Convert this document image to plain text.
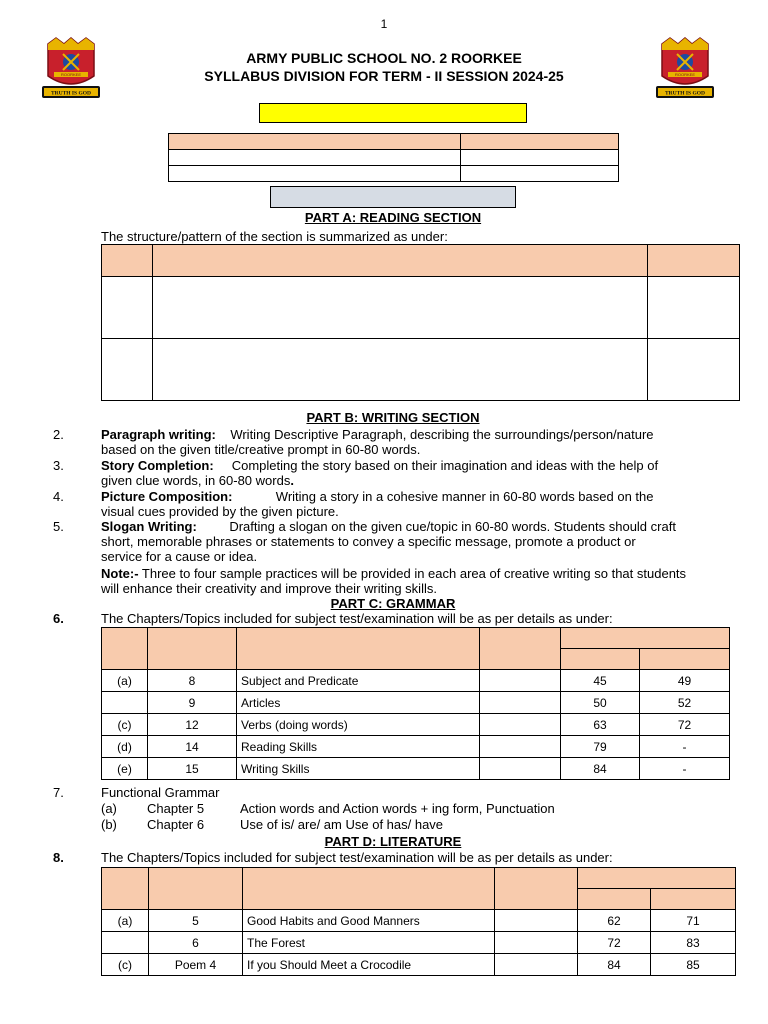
1
ROORKEE
TRUTH IS GOD
ROORKEE
TRUTH IS GOD
ARMY PUBLIC SCHOOL NO. 2 ROORKEE
SYLLABUS DIVISION FOR TERM - II SESSION 2024-25

PART A: READING SECTION
The structure/pattern of the section is summarized as under:

PART B: WRITING SECTION
2.	Paragraph writing: Writing Descriptive Paragraph, describing the surroundings/person/nature
based on the given title/creative prompt in 60-80 words.
3.	Story Completion: Completing the story based on their imagination and ideas with the help of
given clue words, in 60-80 words.
4.	Picture Composition:	Writing a story in a cohesive manner in 60-80 words based on the
visual cues provided by the given picture.
5.	Slogan Writing:	Drafting a slogan on the given cue/topic in 60-80 words. Students should craft
short, memorable phrases or statements to convey a specific message, promote a product or
service for a cause or idea.
Note:- Three to four sample practices will be provided in each area of creative writing so that students
will enhance their creativity and improve their writing skills.
PART C: GRAMMAR
6.	The Chapters/Topics included for subject test/examination will be as per details as under:

(a)	8	Subject and Predicate		45	49
	9	Articles		50	52
(c)	12	Verbs (doing words)		63	72
(d)	14	Reading Skills		79	-
(e)	15	Writing Skills		84	-
7.	Functional Grammar
(a) Chapter 5	Action words and Action words + ing form, Punctuation
(b) Chapter 6	Use of is/ are/ am Use of has/ have
PART D: LITERATURE
8.	The Chapters/Topics included for subject test/examination will be as per details as under:

(a)	5	Good Habits and Good Manners		62	71
	6	The Forest		72	83
(c)	Poem 4	If you Should Meet a Crocodile		84	85
